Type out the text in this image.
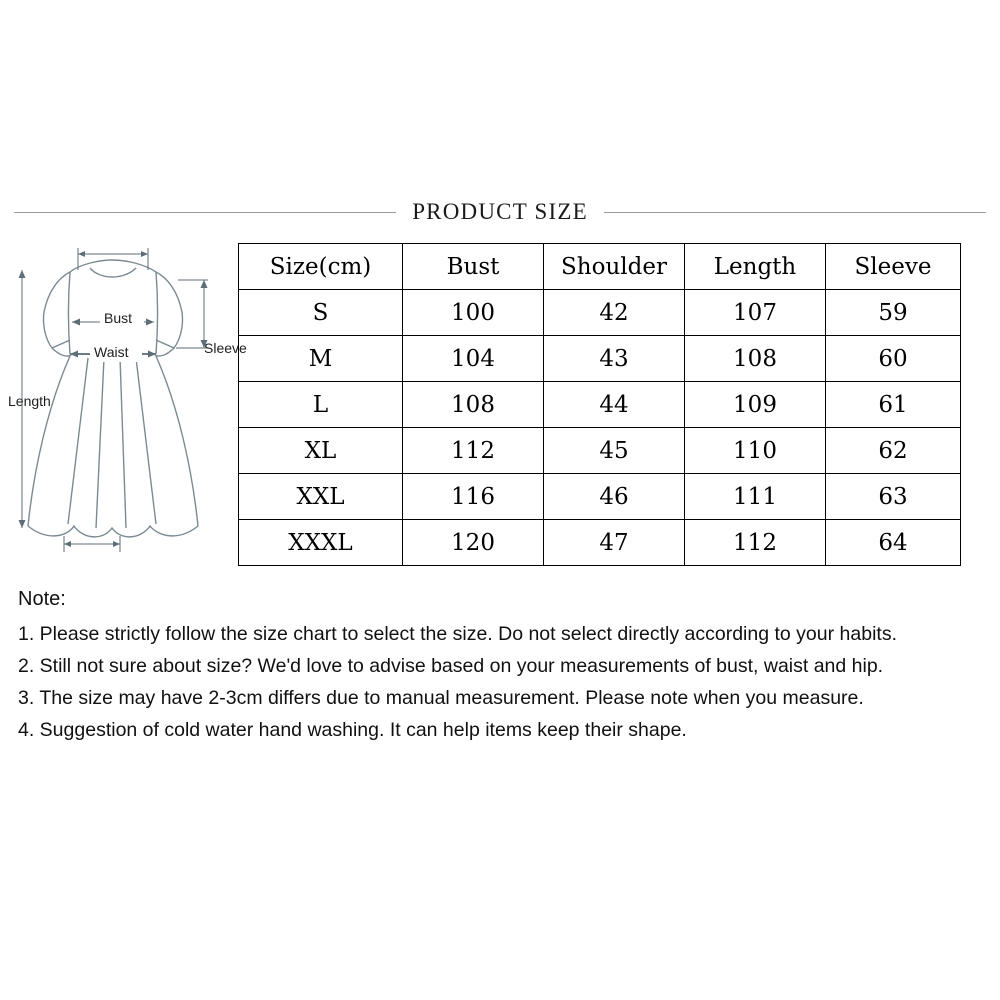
PRODUCT SIZE
Bust
Waist	Sleeve
Length
Size(cm)	Bust	Shoulder	Length	Sleeve
S	100	42	107	59
M	104	43	108	60
L	108	44	109	61
XL	112	45	110	62
XXL	116	46	111	63
XXXL	120	47	112	64
Note:
1. Please strictly follow the size chart to select the size. Do not select directly according to your habits.
2. Still not sure about size? We'd love to advise based on your measurements of bust, waist and hip.
3. The size may have 2-3cm differs due to manual measurement. Please note when you measure.
4. Suggestion of cold water hand washing. It can help items keep their shape.
